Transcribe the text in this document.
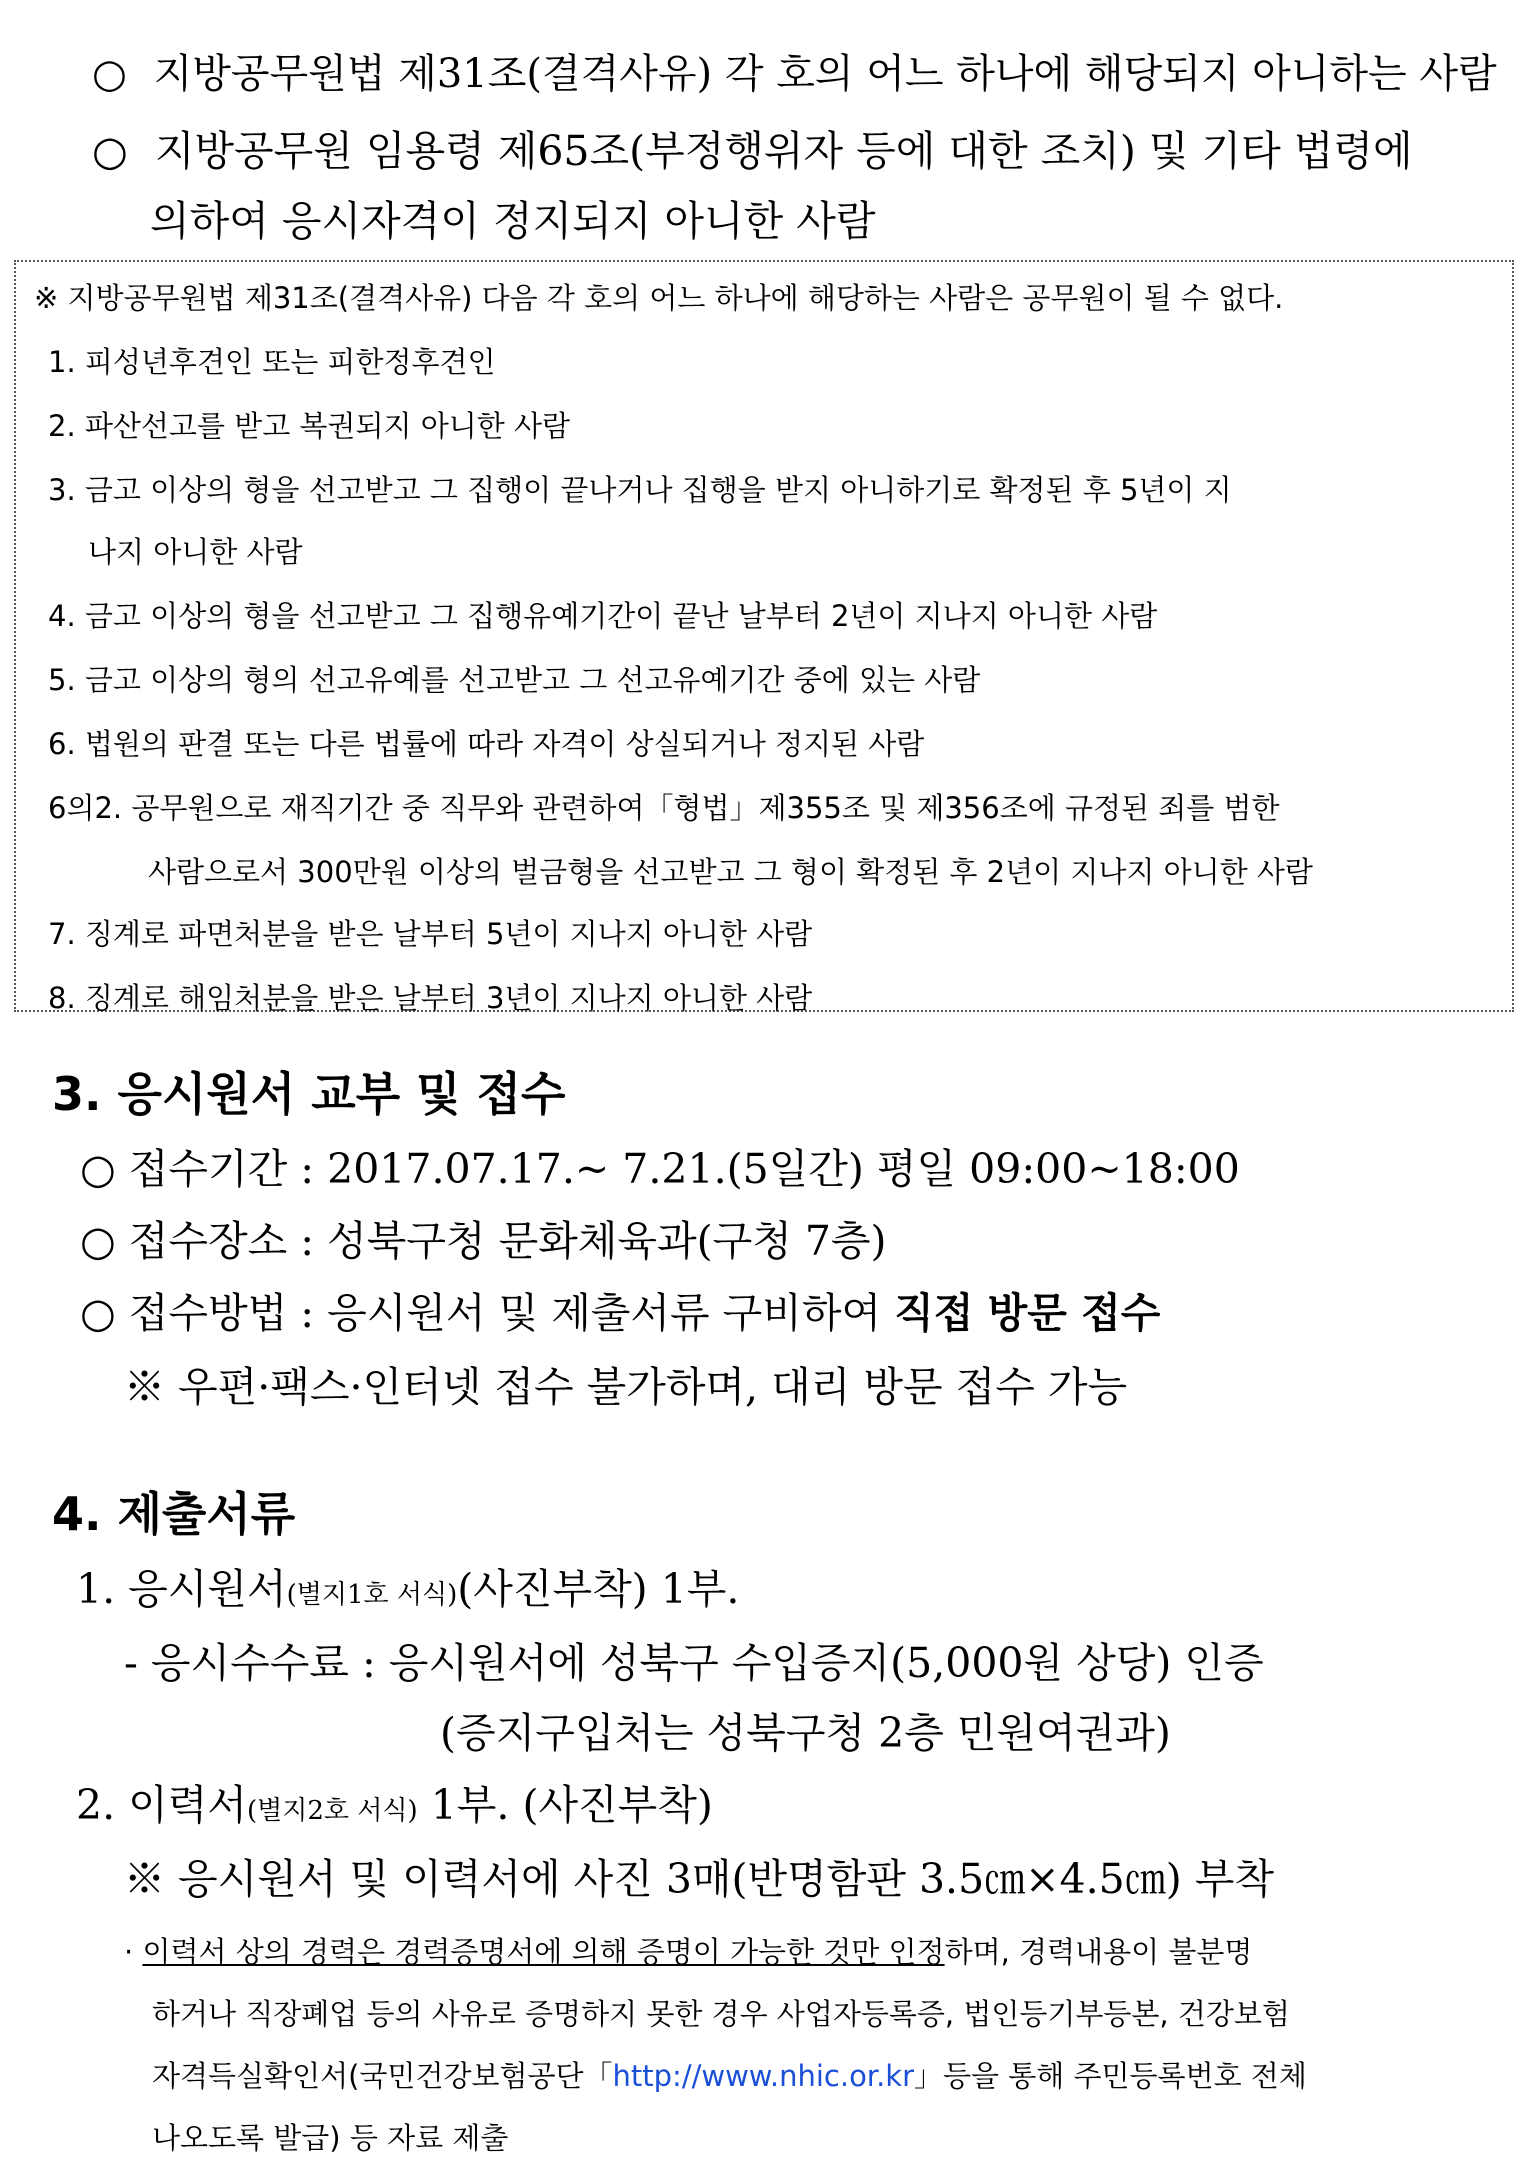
○ 지방공무원법 제31조(결격사유) 각 호의 어느 하나에 해당되지 아니하는 사람
○ 지방공무원 임용령 제65조(부정행위자 등에 대한 조치) 및 기타 법령에
의하여 응시자격이 정지되지 아니한 사람
※ 지방공무원법 제31조(결격사유) 다음 각 호의 어느 하나에 해당하는 사람은 공무원이 될 수 없다.
1. 피성년후견인 또는 피한정후견인
2. 파산선고를 받고 복권되지 아니한 사람
3. 금고 이상의 형을 선고받고 그 집행이 끝나거나 집행을 받지 아니하기로 확정된 후 5년이 지
나지 아니한 사람
4. 금고 이상의 형을 선고받고 그 집행유예기간이 끝난 날부터 2년이 지나지 아니한 사람
5. 금고 이상의 형의 선고유예를 선고받고 그 선고유예기간 중에 있는 사람
6. 법원의 판결 또는 다른 법률에 따라 자격이 상실되거나 정지된 사람
6의2. 공무원으로 재직기간 중 직무와 관련하여「형법」제355조 및 제356조에 규정된 죄를 범한
사람으로서 300만원 이상의 벌금형을 선고받고 그 형이 확정된 후 2년이 지나지 아니한 사람
7. 징계로 파면처분을 받은 날부터 5년이 지나지 아니한 사람
8. 징계로 해임처분을 받은 날부터 3년이 지나지 아니한 사람
3. 응시원서 교부 및 접수
○ 접수기간 : 2017.07.17.~ 7.21.(5일간) 평일 09:00~18:00
○ 접수장소 : 성북구청 문화체육과(구청 7층)
○ 접수방법 : 응시원서 및 제출서류 구비하여 직접 방문 접수
※ 우편·팩스·인터넷 접수 불가하며, 대리 방문 접수 가능
4. 제출서류
1. 응시원서(별지1호 서식)(사진부착) 1부.
- 응시수수료 : 응시원서에 성북구 수입증지(5,000원 상당) 인증
(증지구입처는 성북구청 2층 민원여권과)
2. 이력서(별지2호 서식) 1부. (사진부착)
※ 응시원서 및 이력서에 사진 3매(반명함판 3.5㎝×4.5㎝) 부착
· 이력서 상의 경력은 경력증명서에 의해 증명이 가능한 것만 인정하며, 경력내용이 불분명
하거나 직장폐업 등의 사유로 증명하지 못한 경우 사업자등록증, 법인등기부등본, 건강보험
자격득실확인서(국민건강보험공단「http://www.nhic.or.kr」등을 통해 주민등록번호 전체
나오도록 발급) 등 자료 제출
